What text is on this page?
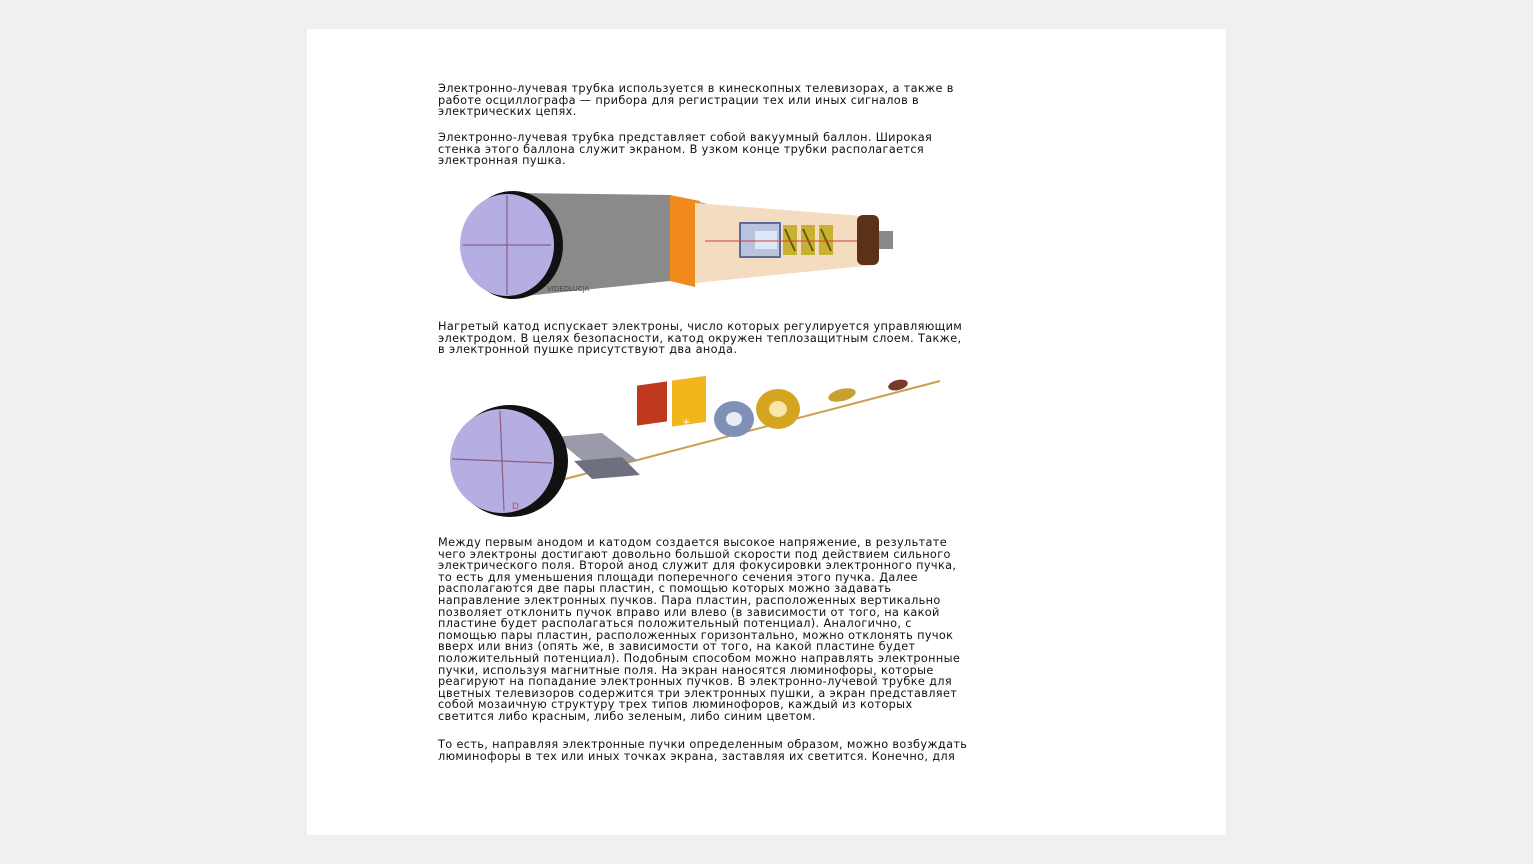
Электронно-лучевая трубка используется в кинескопных телевизорах, а также в
работе осциллографа — прибора для регистрации тех или иных сигналов в
электрических цепях.
Электронно-лучевая трубка представляет собой вакуумный баллон. Широкая
стенка этого баллона служит экраном. В узком конце трубки располагается
электронная пушка.
VIDEOLUCJA
Нагретый катод испускает электроны, число которых регулируется управляющим
электродом. В целях безопасности, катод окружен теплозащитным слоем. Также,
в электронной пушке присутствуют два анода.
F
+
D
Между первым анодом и катодом создается высокое напряжение, в результате
чего электроны достигают довольно большой скорости под действием сильного
электрического поля. Второй анод служит для фокусировки электронного пучка,
то есть для уменьшения площади поперечного сечения этого пучка. Далее
располагаются две пары пластин, с помощью которых можно задавать
направление электронных пучков. Пара пластин, расположенных вертикально
позволяет отклонить пучок вправо или влево (в зависимости от того, на какой
пластине будет располагаться положительный потенциал). Аналогично, с
помощью пары пластин, расположенных горизонтально, можно отклонять пучок
вверх или вниз (опять же, в зависимости от того, на какой пластине будет
положительный потенциал). Подобным способом можно направлять электронные
пучки, используя магнитные поля. На экран наносятся люминофоры, которые
реагируют на попадание электронных пучков. В электронно-лучевой трубке для
цветных телевизоров содержится три электронных пушки, а экран представляет
собой мозаичную структуру трех типов люминофоров, каждый из которых
светится либо красным, либо зеленым, либо синим цветом.
То есть, направляя электронные пучки определенным образом, можно возбуждать
люминофоры в тех или иных точках экрана, заставляя их светится. Конечно, для
